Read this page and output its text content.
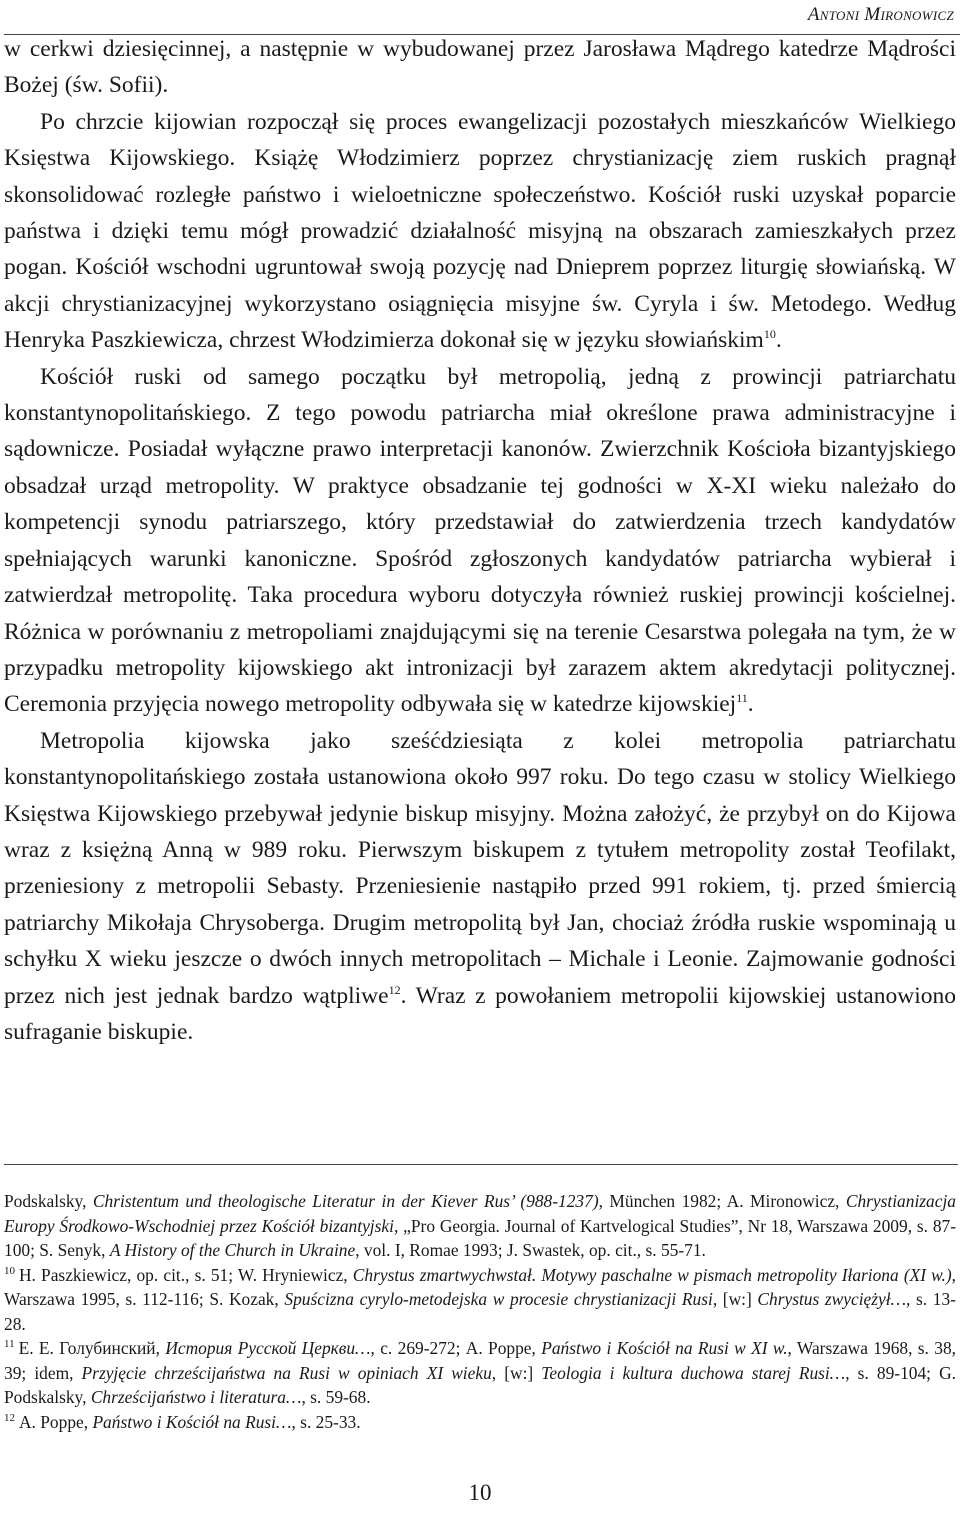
Antoni Mironowicz

w cerkwi dziesięcinnej, a następnie w wybudowanej przez Jarosława Mądrego katedrze Mądrości Bożej (św. Sofii).

Po chrzcie kijowian rozpoczął się proces ewangelizacji pozostałych mieszkańców Wielkiego Księstwa Kijowskiego. Książę Włodzimierz poprzez chrystianizację ziem ruskich pragnął skonsolidować rozległe państwo i wieloetniczne społeczeństwo. Kościół ruski uzyskał poparcie państwa i dzięki temu mógł prowadzić działalność misyjną na obszarach zamieszkałych przez pogan. Kościół wschodni ugruntował swoją pozycję nad Dnieprem poprzez liturgię słowiańską. W akcji chrystianizacyjnej wykorzystano osiągnięcia misyjne św. Cyryla i św. Metodego. Według Henryka Paszkiewicza, chrzest Włodzimierza dokonał się w języku słowiańskim$^{10}$.

Kościół ruski od samego początku był metropolią, jedną z prowincji patriarchatu konstantynopolitańskiego. Z tego powodu patriarcha miał określone prawa administracyjne i sądownicze. Posiadał wyłączne prawo interpretacji kanonów. Zwierzchnik Kościoła bizantyjskiego obsadzał urząd metropolity. W praktyce obsadzanie tej godności w X-XI wieku należało do kompetencji synodu patriarszego, który przedstawiał do zatwierdzenia trzech kandydatów spełniających warunki kanoniczne. Spośród zgłoszonych kandydatów patriarcha wybierał i zatwierdzał metropolitę. Taka procedura wyboru dotyczyła również ruskiej prowincji kościelnej. Różnica w porównaniu z metropoliami znajdującymi się na terenie Cesarstwa polegała na tym, że w przypadku metropolity kijowskiego akt intronizacji był zarazem aktem akredytacji politycznej. Ceremonia przyjęcia nowego metropolity odbywała się w katedrze kijowskiej$^{11}$.

Metropolia kijowska jako sześćdziesiąta z kolei metropolia patriarchatu konstantynopolitańskiego została ustanowiona około 997 roku. Do tego czasu w stolicy Wielkiego Księstwa Kijowskiego przebywał jedynie biskup misyjny. Można założyć, że przybył on do Kijowa wraz z księżną Anną w 989 roku. Pierwszym biskupem z tytułem metropolity został Teofilakt, przeniesiony z metropolii Sebasty. Przeniesienie nastąpiło przed 991 rokiem, tj. przed śmiercią patriarchy Mikołaja Chrysoberga. Drugim metropolitą był Jan, chociaż źródła ruskie wspominają u schyłku X wieku jeszcze o dwóch innych metropolitach – Michale i Leonie. Zajmowanie godności przez nich jest jednak bardzo wątpliwe$^{12}$. Wraz z powołaniem metropolii kijowskiej ustanowiono sufraganie biskupie.

Podskalsky, Christentum und theologische Literatur in der Kiever Rus’ (988-1237), München 1982; A. Mironowicz, Chrystianizacja Europy Środkowo-Wschodniej przez Kościół bizantyjski, „Pro Georgia. Journal of Kartvelogical Studies”, Nr 18, Warszawa 2009, s. 87-100; S. Senyk, A History of the Church in Ukraine, vol. I, Romae 1993; J. Swastek, op. cit., s. 55-71.

$^{10}$ H. Paszkiewicz, op. cit., s. 51; W. Hryniewicz, Chrystus zmartwychwstał. Motywy paschalne w pismach metropolity Iłariona (XI w.), Warszawa 1995, s. 112-116; S. Kozak, Spuścizna cyrylo-metodejska w procesie chrystianizacji Rusi, [w:] Chrystus zwyciężył…, s. 13-28.

$^{11}$ Е. Е. Голубинский, История Русской Церкви…, с. 269-272; A. Poppe, Państwo i Kościół na Rusi w XI w., Warszawa 1968, s. 38, 39; idem, Przyjęcie chrześcijaństwa na Rusi w opiniach XI wieku, [w:] Teologia i kultura duchowa starej Rusi…, s. 89-104; G. Podskalsky, Chrześcijaństwo i literatura…, s. 59-68.

$^{12}$ A. Poppe, Państwo i Kościół na Rusi…, s. 25-33.

10
